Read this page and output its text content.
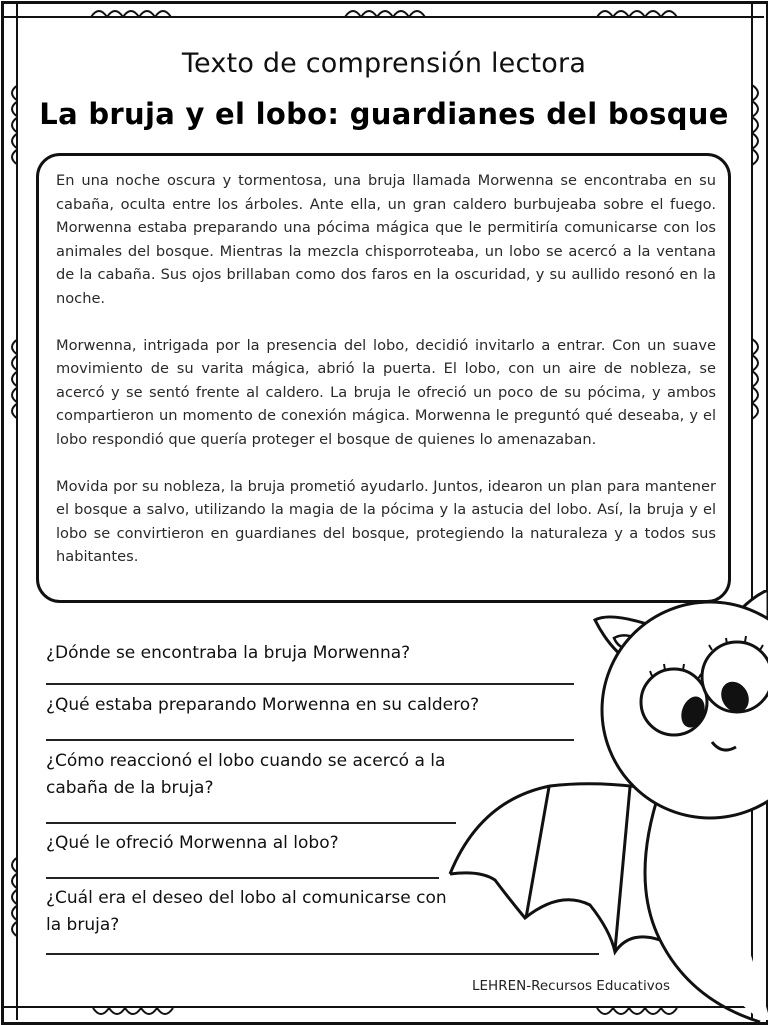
Texto de comprensión lectora
La bruja y el lobo: guardianes del bosque

En una noche oscura y tormentosa, una bruja llamada Morwenna se encontraba en su cabaña, oculta entre los árboles. Ante ella, un gran caldero burbujeaba sobre el fuego. Morwenna estaba preparando una pócima mágica que le permitiría comunicarse con los animales del bosque. Mientras la mezcla chisporroteaba, un lobo se acercó a la ventana de la cabaña. Sus ojos brillaban como dos faros en la oscuridad, y su aullido resonó en la noche.

Morwenna, intrigada por la presencia del lobo, decidió invitarlo a entrar. Con un suave movimiento de su varita mágica, abrió la puerta. El lobo, con un aire de nobleza, se acercó y se sentó frente al caldero. La bruja le ofreció un poco de su pócima, y ambos compartieron un momento de conexión mágica. Morwenna le preguntó qué deseaba, y el lobo respondió que quería proteger el bosque de quienes lo amenazaban.

Movida por su nobleza, la bruja prometió ayudarlo. Juntos, idearon un plan para mantener el bosque a salvo, utilizando la magia de la pócima y la astucia del lobo. Así, la bruja y el lobo se convirtieron en guardianes del bosque, protegiendo la naturaleza y a todos sus habitantes.

¿Dónde se encontraba la bruja Morwenna?
¿Qué estaba preparando Morwenna en su caldero?
¿Cómo reaccionó el lobo cuando se acercó a la
cabaña de la bruja?
¿Qué le ofreció Morwenna al lobo?
¿Cuál era el deseo del lobo al comunicarse con
la bruja?
LEHREN-Recursos Educativos
